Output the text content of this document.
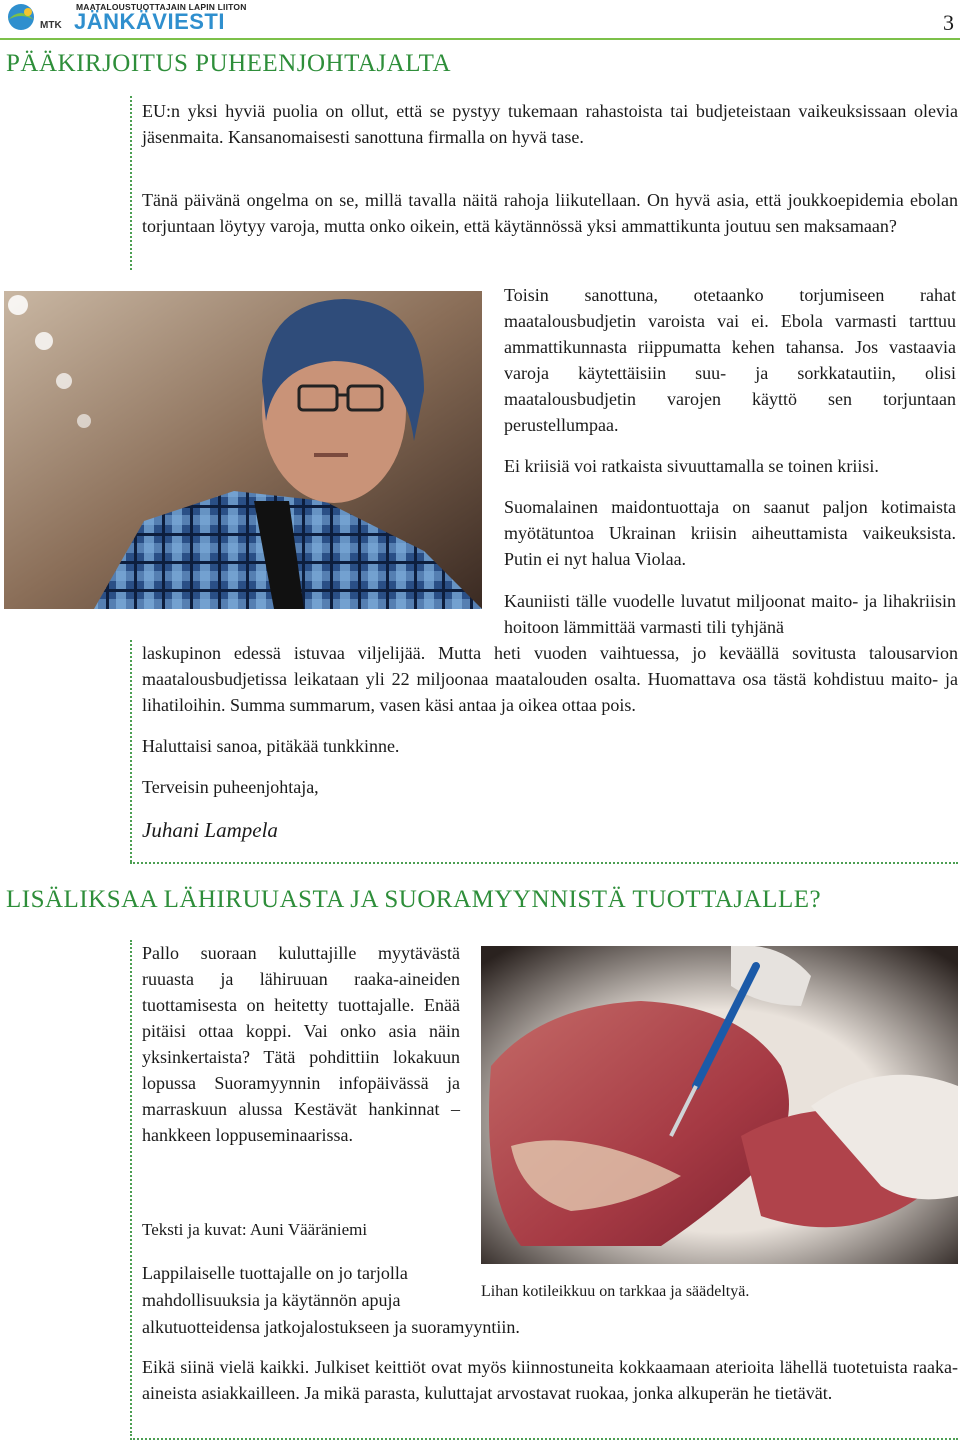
MTK
MAATALOUSTUOTTAJAIN LAPIN LIITON
JÄNKÄVIESTI	3
PÄÄKIRJOITUS PUHEENJOHTAJALTA

EU:n yksi hyviä puolia on ollut, että se pystyy tukemaan rahastoista tai budjeteistaan vaikeuksissaan olevia jäsenmaita. Kansanomaisesti sanottuna firmalla on hyvä tase.

Tänä päivänä ongelma on se, millä tavalla näitä rahoja liikutellaan. On hyvä asia, että joukkoepidemia ebolan torjuntaan löytyy varoja, mutta onko oikein, että käytännössä yksi ammattikunta joutuu sen maksamaan?

Toisin sanottuna, otetaanko torjumiseen rahat maatalousbudjetin varoista vai ei. Ebola varmasti tarttuu ammattikunnasta riippumatta kehen tahansa. Jos vastaavia varoja käytettäisiin suu- ja sorkkatautiin, olisi maatalousbudjetin varojen käyttö sen torjuntaan perustellumpaa.

Ei kriisiä voi ratkaista sivuuttamalla se toinen kriisi.

Suomalainen maidontuottaja on saanut paljon kotimaista myötätuntoa Ukrainan kriisin aiheuttamista vaikeuksista. Putin ei nyt halua Violaa.

Kauniisti tälle vuodelle luvatut miljoonat maito- ja lihakriisin hoitoon lämmittää varmasti tili tyhjänä

laskupinon edessä istuvaa viljelijää. Mutta heti vuoden vaihtuessa, jo keväällä sovitusta talousarvion maatalousbudjetissa leikataan yli 22 miljoonaa maatalouden osalta. Huomattava osa tästä kohdistuu maito- ja lihatiloihin. Summa summarum, vasen käsi antaa ja oikea ottaa pois.

Haluttaisi sanoa, pitäkää tunkkinne.

Terveisin puheenjohtaja,

Juhani Lampela
LISÄLIKSAA LÄHIRUUASTA JA SUORAMYYNNISTÄ TUOTTAJALLE?

Pallo suoraan kuluttajille myytävästä ruuasta ja lähiruuan raaka-aineiden tuottamisesta on heitetty tuottajalle. Enää pitäisi ottaa koppi. Vai onko asia näin yksinkertaista? Tätä pohdittiin lokakuun lopussa Suoramyynnin infopäivässä ja marraskuun alussa Kestävät hankinnat –hankkeen loppuseminaarissa.

Teksti ja kuvat: Auni Vääräniemi

Lappilaiselle tuottajalle on jo tarjolla

mahdollisuuksia ja käytännön apuja	Lihan kotileikkuu on tarkkaa ja säädeltyä.

alkutuotteidensa jatkojalostukseen ja suoramyyntiin.

Eikä siinä vielä kaikki. Julkiset keittiöt ovat myös kiinnostuneita kokkaamaan aterioita lähellä tuotetuista raaka-aineista asiakkailleen. Ja mikä parasta, kuluttajat arvostavat ruokaa, jonka alkuperän he tietävät.
